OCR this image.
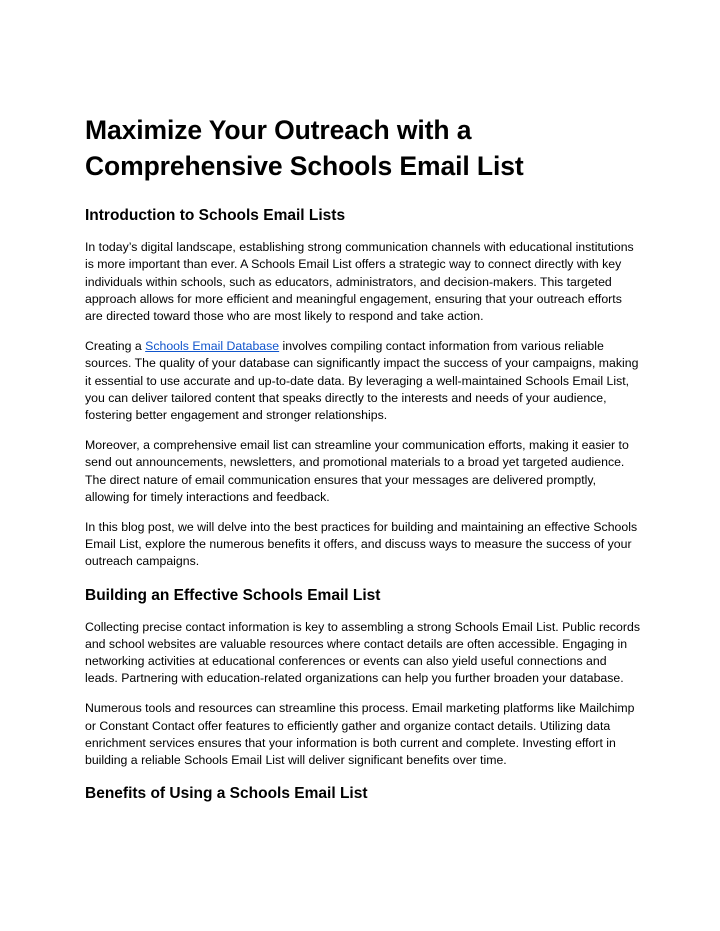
Maximize Your Outreach with a Comprehensive Schools Email List
Introduction to Schools Email Lists

In today’s digital landscape, establishing strong communication channels with educational institutions is more important than ever. A Schools Email List offers a strategic way to connect directly with key individuals within schools, such as educators, administrators, and decision-makers. This targeted approach allows for more efficient and meaningful engagement, ensuring that your outreach efforts are directed toward those who are most likely to respond and take action.

Creating a Schools Email Database involves compiling contact information from various reliable sources. The quality of your database can significantly impact the success of your campaigns, making it essential to use accurate and up-to-date data. By leveraging a well-maintained Schools Email List, you can deliver tailored content that speaks directly to the interests and needs of your audience, fostering better engagement and stronger relationships.

Moreover, a comprehensive email list can streamline your communication efforts, making it easier to send out announcements, newsletters, and promotional materials to a broad yet targeted audience. The direct nature of email communication ensures that your messages are delivered promptly, allowing for timely interactions and feedback.

In this blog post, we will delve into the best practices for building and maintaining an effective Schools Email List, explore the numerous benefits it offers, and discuss ways to measure the success of your outreach campaigns.

Building an Effective Schools Email List

Collecting precise contact information is key to assembling a strong Schools Email List. Public records and school websites are valuable resources where contact details are often accessible. Engaging in networking activities at educational conferences or events can also yield useful connections and leads. Partnering with education-related organizations can help you further broaden your database.

Numerous tools and resources can streamline this process. Email marketing platforms like Mailchimp or Constant Contact offer features to efficiently gather and organize contact details. Utilizing data enrichment services ensures that your information is both current and complete. Investing effort in building a reliable Schools Email List will deliver significant benefits over time.

Benefits of Using a Schools Email List
